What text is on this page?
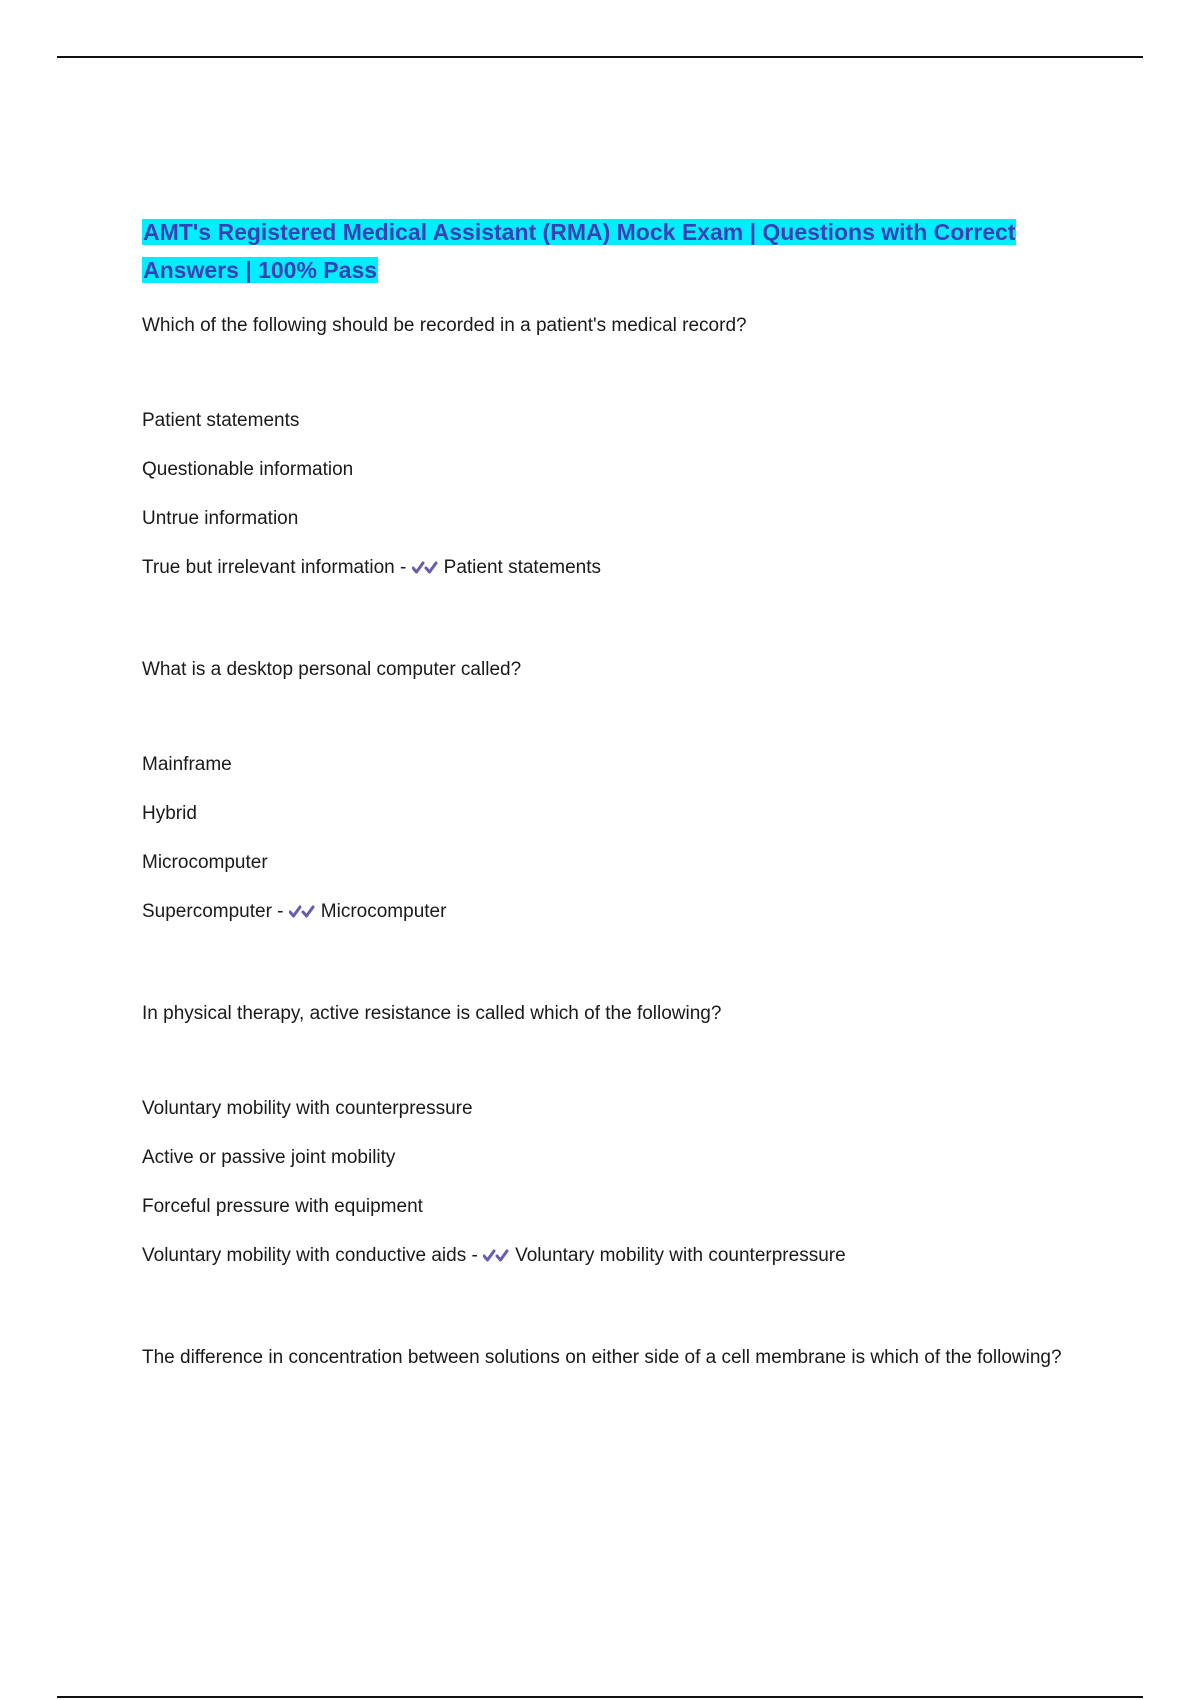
AMT's Registered Medical Assistant (RMA) Mock Exam | Questions with Correct Answers | 100% Pass

Which of the following should be recorded in a patient's medical record?

Patient statements

Questionable information

Untrue information

True but irrelevant information -
Patient statements

What is a desktop personal computer called?

Mainframe

Hybrid

Microcomputer

Supercomputer -
Microcomputer

In physical therapy, active resistance is called which of the following?

Voluntary mobility with counterpressure

Active or passive joint mobility

Forceful pressure with equipment

Voluntary mobility with conductive aids -
Voluntary mobility with counterpressure

The difference in concentration between solutions on either side of a cell membrane is which of the following?
